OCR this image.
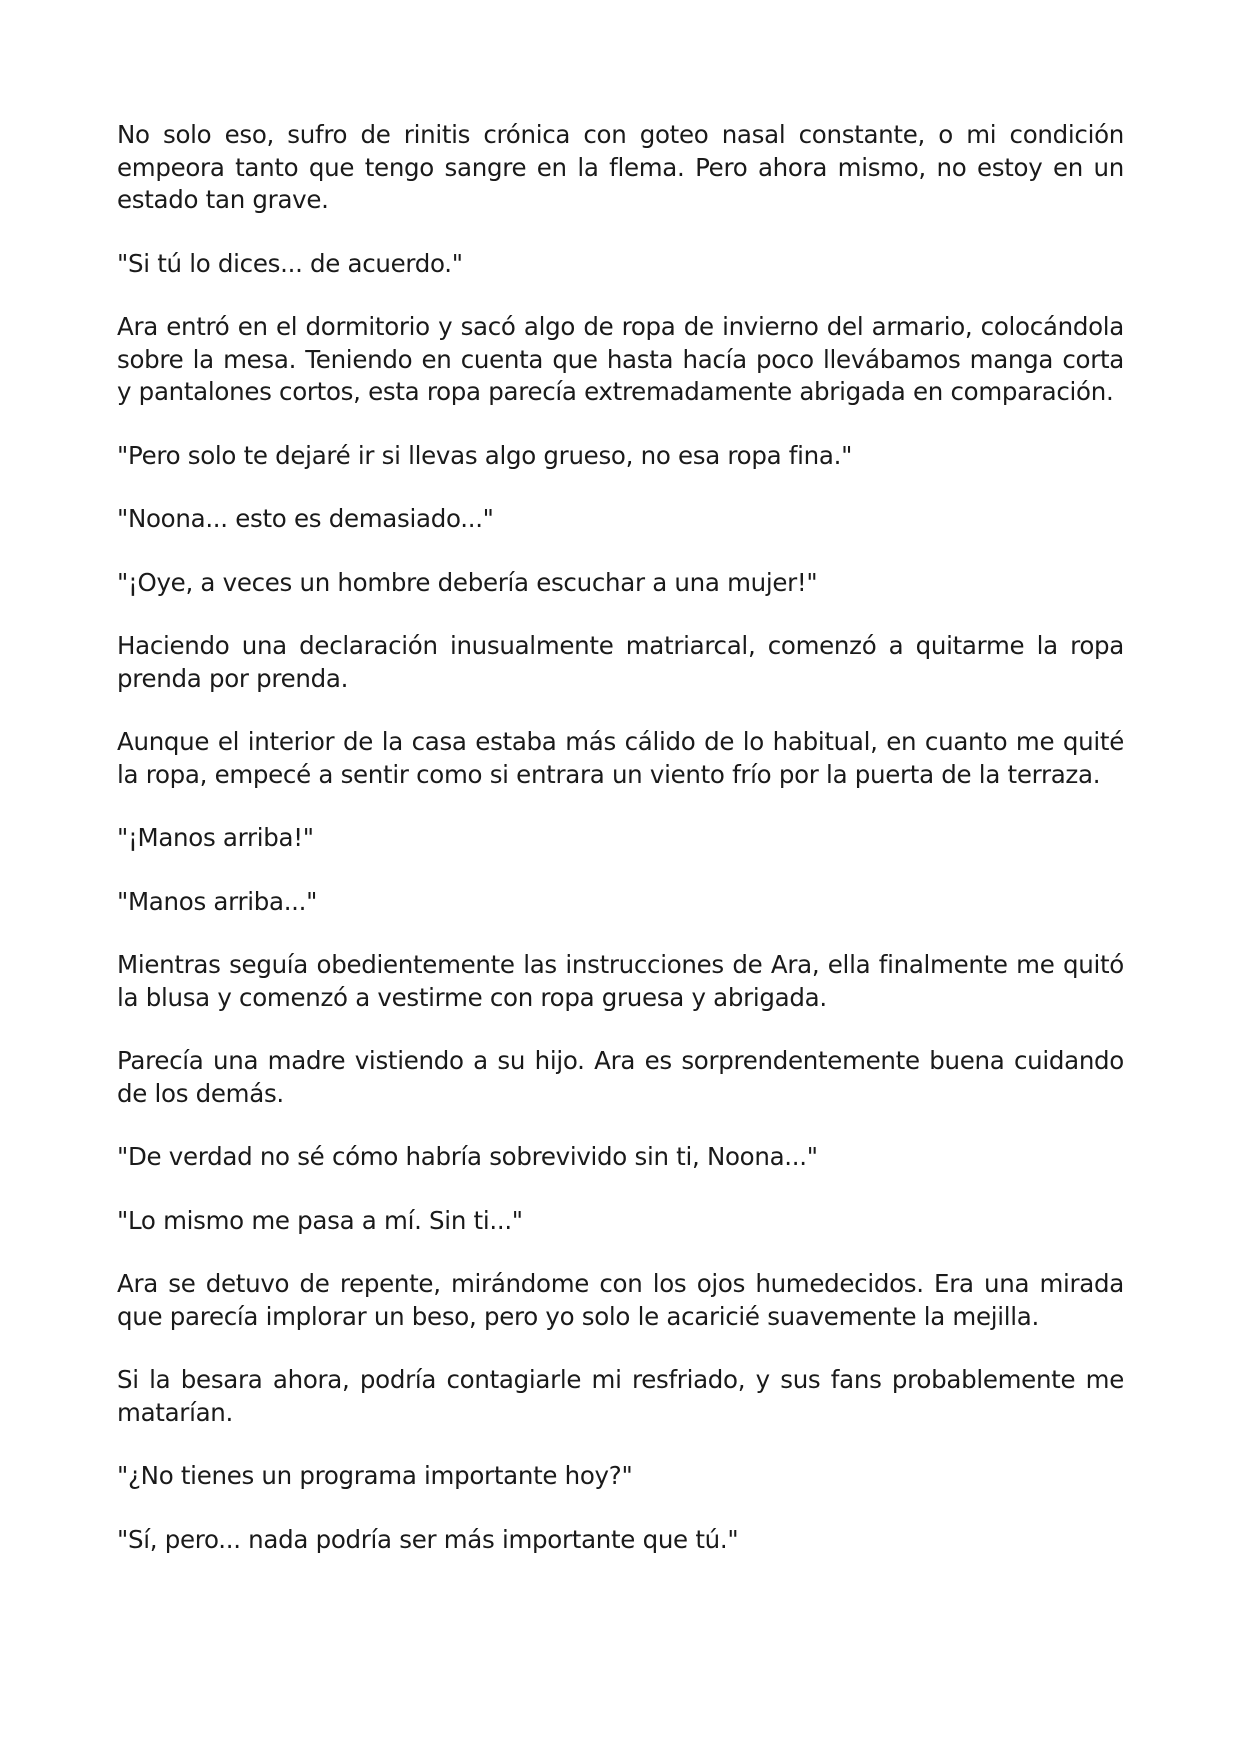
No solo eso, sufro de rinitis crónica con goteo nasal constante, o mi condición empeora tanto que tengo sangre en la flema. Pero ahora mismo, no estoy en un estado tan grave.

"Si tú lo dices... de acuerdo."

Ara entró en el dormitorio y sacó algo de ropa de invierno del armario, colocándola sobre la mesa. Teniendo en cuenta que hasta hacía poco llevábamos manga corta y pantalones cortos, esta ropa parecía extremadamente abrigada en comparación.

"Pero solo te dejaré ir si llevas algo grueso, no esa ropa fina."

"Noona... esto es demasiado..."

"¡Oye, a veces un hombre debería escuchar a una mujer!"

Haciendo una declaración inusualmente matriarcal, comenzó a quitarme la ropa prenda por prenda.

Aunque el interior de la casa estaba más cálido de lo habitual, en cuanto me quité la ropa, empecé a sentir como si entrara un viento frío por la puerta de la terraza.

"¡Manos arriba!"

"Manos arriba..."

Mientras seguía obedientemente las instrucciones de Ara, ella finalmente me quitó la blusa y comenzó a vestirme con ropa gruesa y abrigada.

Parecía una madre vistiendo a su hijo. Ara es sorprendentemente buena cuidando de los demás.

"De verdad no sé cómo habría sobrevivido sin ti, Noona..."

"Lo mismo me pasa a mí. Sin ti..."

Ara se detuvo de repente, mirándome con los ojos humedecidos. Era una mirada que parecía implorar un beso, pero yo solo le acaricié suavemente la mejilla.

Si la besara ahora, podría contagiarle mi resfriado, y sus fans probablemente me matarían.

"¿No tienes un programa importante hoy?"

"Sí, pero... nada podría ser más importante que tú."
